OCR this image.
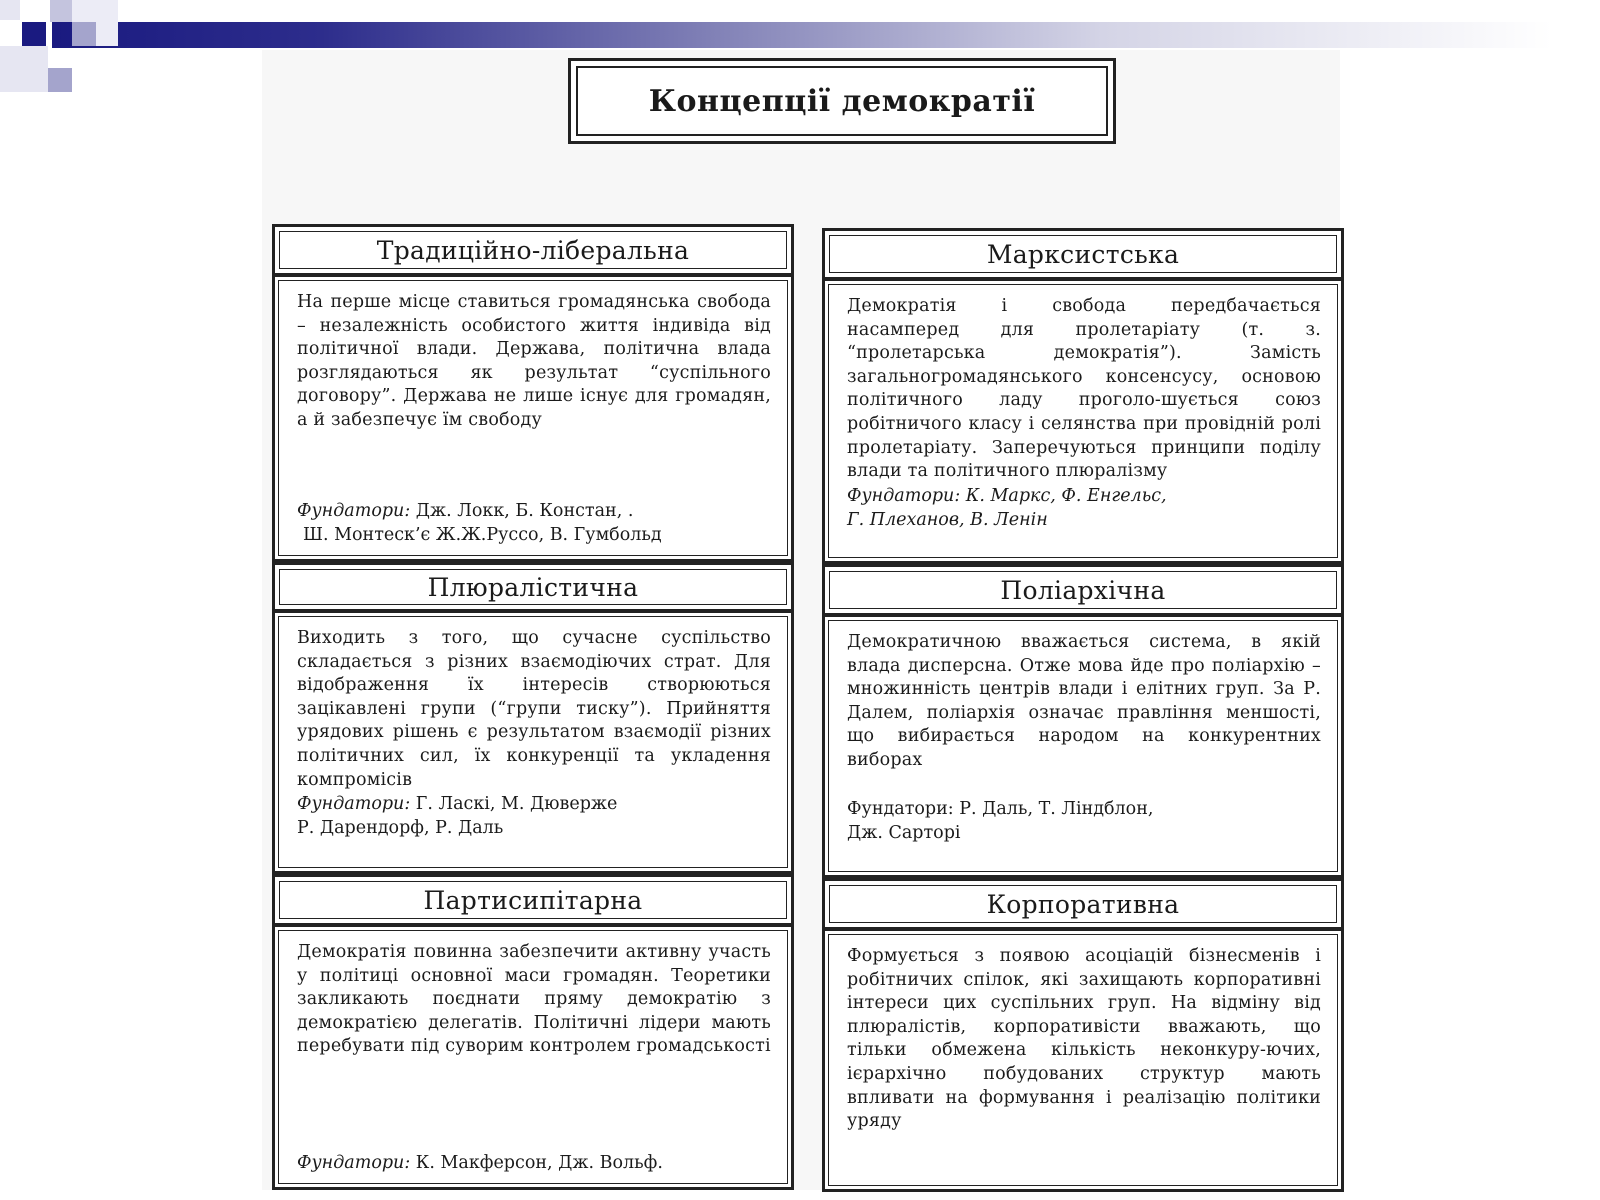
Концепції демократії
Традиційно-ліберальна

На перше місце ставиться громадянська свобода – незалежність особистого життя індивіда від політичної влади. Держава, політична влада розглядаються як результат “суспільного договору”. Держава не лише існує для громадян, а й забезпечує їм свободу

Фундатори: Дж. Локк, Б. Констан, .

Ш. Монтеск’є Ж.Ж.Руссо, В. Гумбольд

Марксистська

Демократія і свобода передбачається насамперед для пролетаріату (т. з. “пролетарська демократія”). Замість загальногромадянського консенсусу, основою політичного ладу проголо-шується союз робітничого класу і селянства при провідній ролі пролетаріату. Заперечуються принципи поділу влади та політичного плюралізму

Фундатори: К. Маркс, Ф. Енгельс,

Г. Плеханов, В. Ленін

Плюралістична

Виходить з того, що сучасне суспільство складається з різних взаємодіючих страт. Для відображення їх інтересів створюються зацікавлені групи (“групи тиску”). Прийняття урядових рішень є результатом взаємодії різних політичних сил, їх конкуренції та укладення компромісів

Фундатори: Г. Ласкі, М. Дюверже

Р. Дарендорф, Р. Даль

Поліархічна

Демократичною вважається система, в якій влада дисперсна. Отже мова йде про поліархію – множинність центрів влади і елітних груп. За Р. Далем, поліархія означає правління меншості, що вибирається народом на конкурентних виборах

Фундатори: Р. Даль, Т. Ліндблон,

Дж. Сарторі

Партисипітарна

Демократія повинна забезпечити активну участь у політиці основної маси громадян. Теоретики закликають поєднати пряму демократію з демократією делегатів. Політичні лідери мають перебувати під суворим контролем громадськості

Фундатори: К. Макферсон, Дж. Вольф.

Корпоративна

Формується з появою асоціацій бізнесменів і робітничих спілок, які захищають корпоративні інтереси цих суспільних груп. На відміну від плюралістів, корпоративісти вважають, що тільки обмежена кількість неконкуру-ючих, ієрархічно побудованих структур мають впливати на формування і реалізацію політики уряду
